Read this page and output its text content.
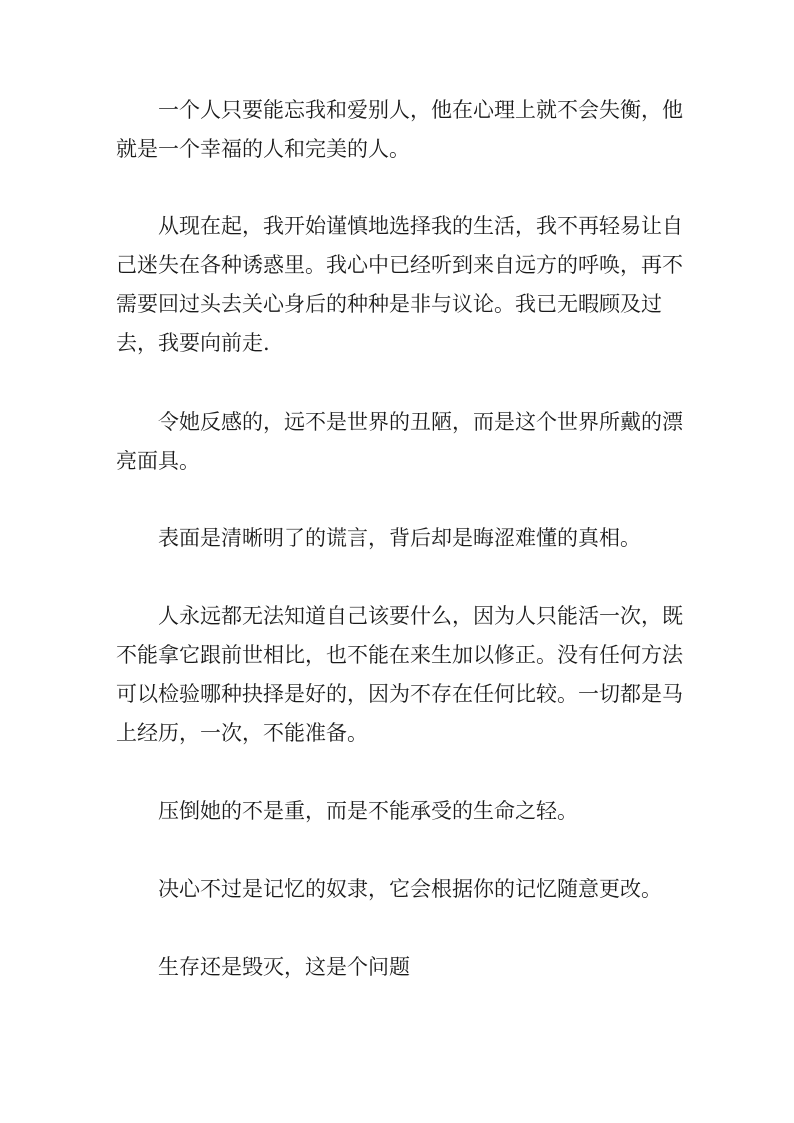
一个人只要能忘我和爱别人，他在心理上就不会失衡，他就是一个幸福的人和完美的人。

从现在起，我开始谨慎地选择我的生活，我不再轻易让自己迷失在各种诱惑里。我心中已经听到来自远方的呼唤，再不需要回过头去关心身后的种种是非与议论。我已无暇顾及过去，我要向前走.

令她反感的，远不是世界的丑陋，而是这个世界所戴的漂亮面具。

表面是清晰明了的谎言，背后却是晦涩难懂的真相。

人永远都无法知道自己该要什么，因为人只能活一次，既不能拿它跟前世相比，也不能在来生加以修正。没有任何方法可以检验哪种抉择是好的，因为不存在任何比较。一切都是马上经历，一次，不能准备。

压倒她的不是重，而是不能承受的生命之轻。

决心不过是记忆的奴隶，它会根据你的记忆随意更改。

生存还是毁灭，这是个问题
